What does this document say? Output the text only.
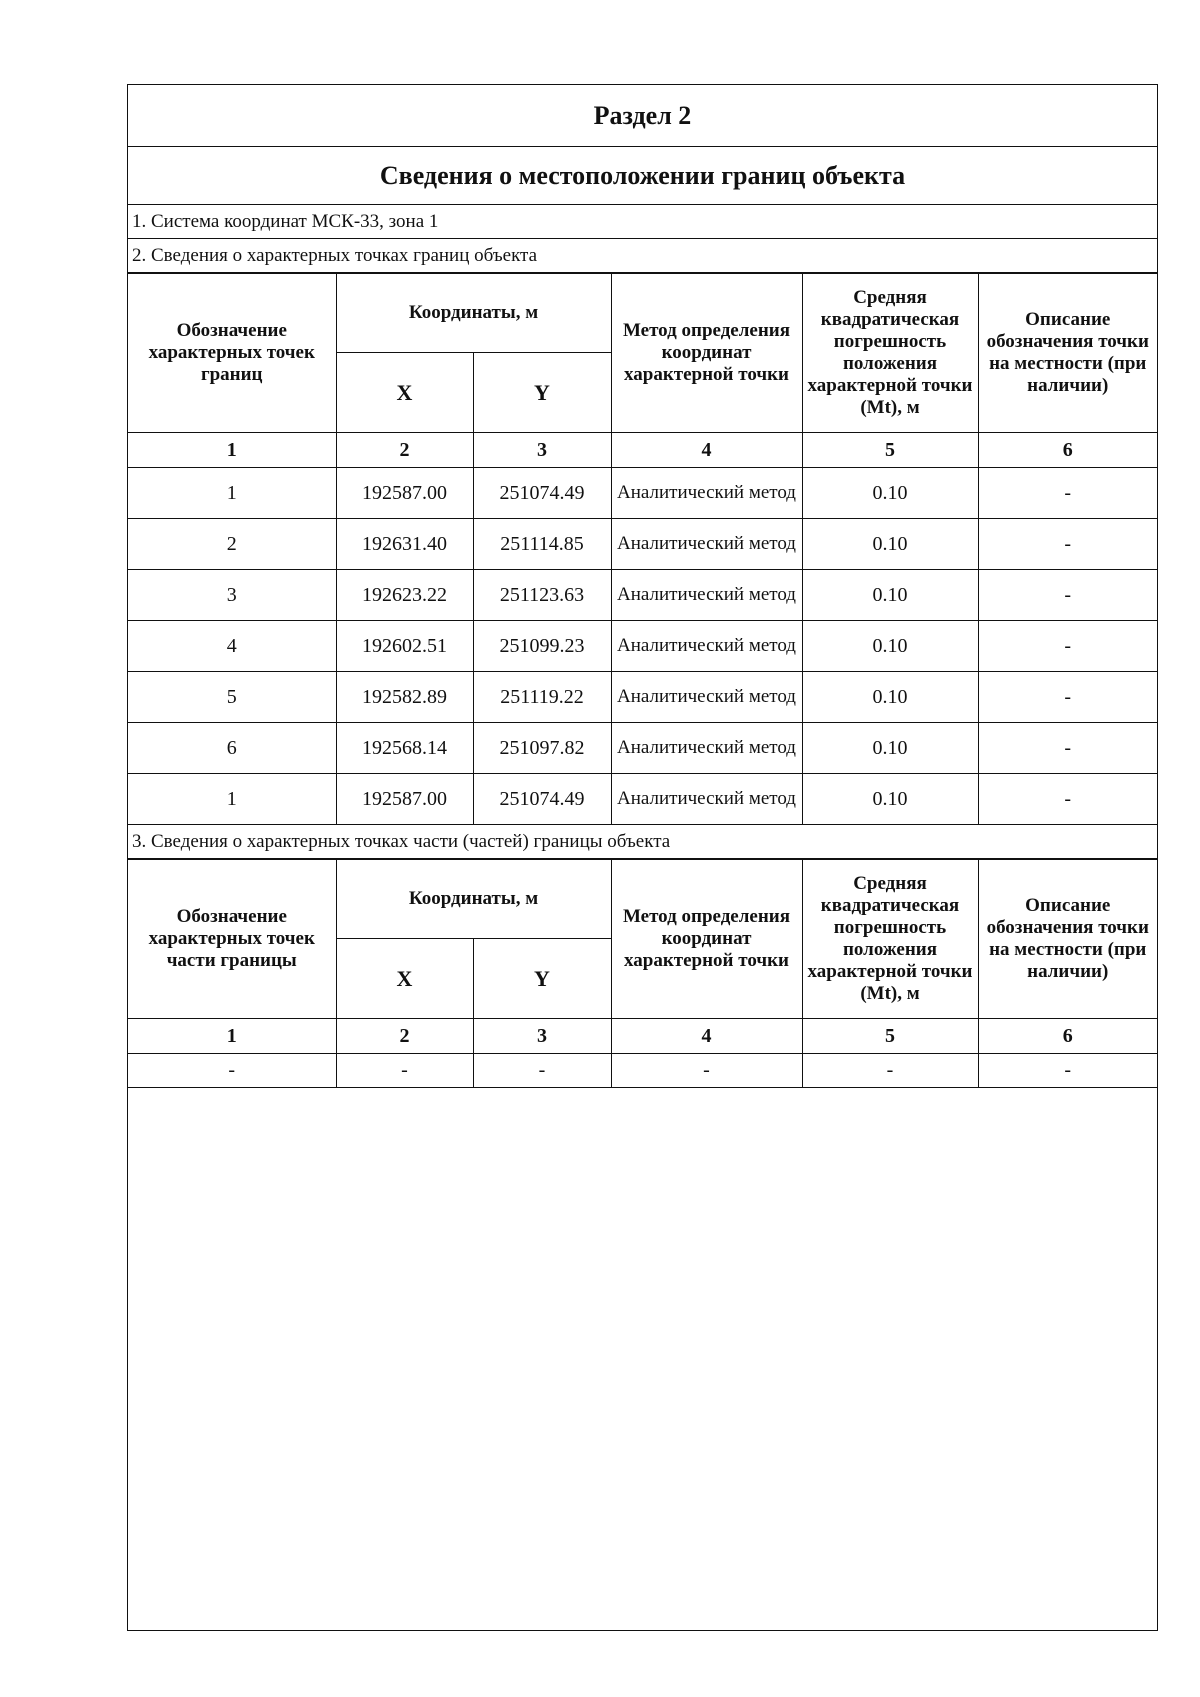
Раздел 2
Сведения о местоположении границ объекта
1. Система координат МСК-33, зона 1
2. Сведения о характерных точках границ объекта
Обозначение характерных точек границ	Координаты, м		Метод определения координат характерной точки	Средняя квадратическая погрешность положения характерной точки (Mt), м	Описание обозначения точки на местности (при наличии)
	X	Y			
1	2	3	4	5	6
1	192587.00	251074.49	Аналитический метод	0.10	-
2	192631.40	251114.85	Аналитический метод	0.10	-
3	192623.22	251123.63	Аналитический метод	0.10	-
4	192602.51	251099.23	Аналитический метод	0.10	-
5	192582.89	251119.22	Аналитический метод	0.10	-
6	192568.14	251097.82	Аналитический метод	0.10	-
1	192587.00	251074.49	Аналитический метод	0.10	-
3. Сведения о характерных точках части (частей) границы объекта
Обозначение характерных точек части границы	Координаты, м		Метод определения координат характерной точки	Средняя квадратическая погрешность положения характерной точки (Mt), м	Описание обозначения точки на местности (при наличии)
	X	Y			
1	2	3	4	5	6
-	-	-	-	-	-
